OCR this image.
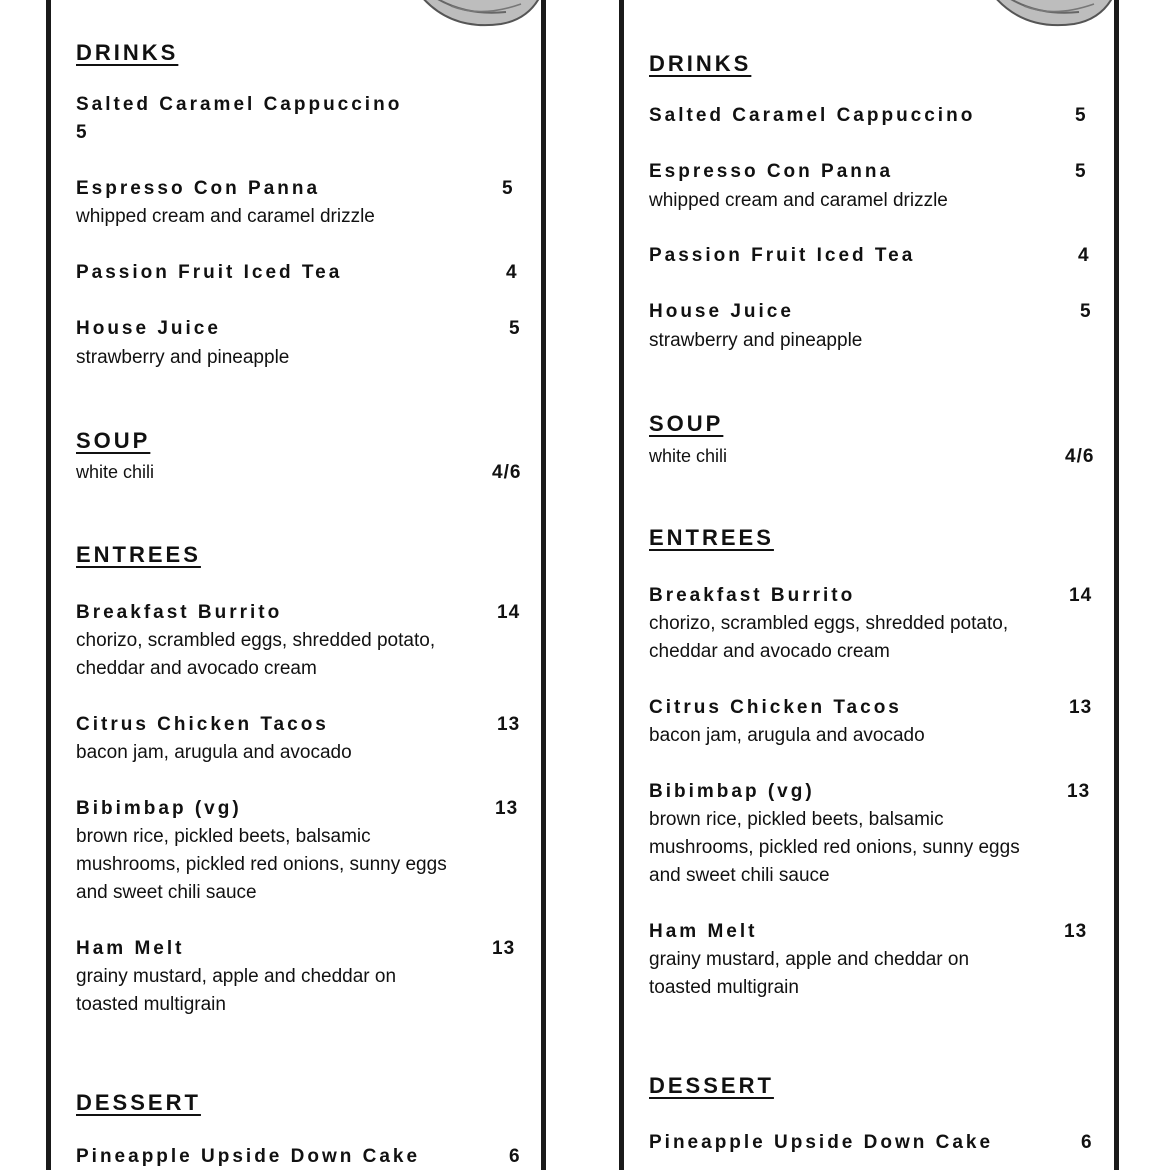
DRINKS
Salted Caramel Cappuccino
5
Espresso Con Panna	5
whipped cream and caramel drizzle
Passion Fruit Iced Tea	4
House Juice	5
strawberry and pineapple
SOUP
white chili	4/6
ENTREES
Breakfast Burrito	14
chorizo, scrambled eggs, shredded potato, cheddar and avocado cream
Citrus Chicken Tacos	13
bacon jam, arugula and avocado
Bibimbap (vg)	13
brown rice, pickled beets, balsamic mushrooms, pickled red onions, sunny eggs and sweet chili sauce
Ham Melt	13
grainy mustard, apple and cheddar on toasted multigrain
DESSERT
Pineapple Upside Down Cake	6
DRINKS
Salted Caramel Cappuccino	5
Espresso Con Panna	5
whipped cream and caramel drizzle
Passion Fruit Iced Tea	4
House Juice	5
strawberry and pineapple
SOUP
white chili	4/6
ENTREES
Breakfast Burrito	14
chorizo, scrambled eggs, shredded potato, cheddar and avocado cream
Citrus Chicken Tacos	13
bacon jam, arugula and avocado
Bibimbap (vg)	13
brown rice, pickled beets, balsamic mushrooms, pickled red onions, sunny eggs and sweet chili sauce
Ham Melt	13
grainy mustard, apple and cheddar on toasted multigrain
DESSERT
Pineapple Upside Down Cake	6
